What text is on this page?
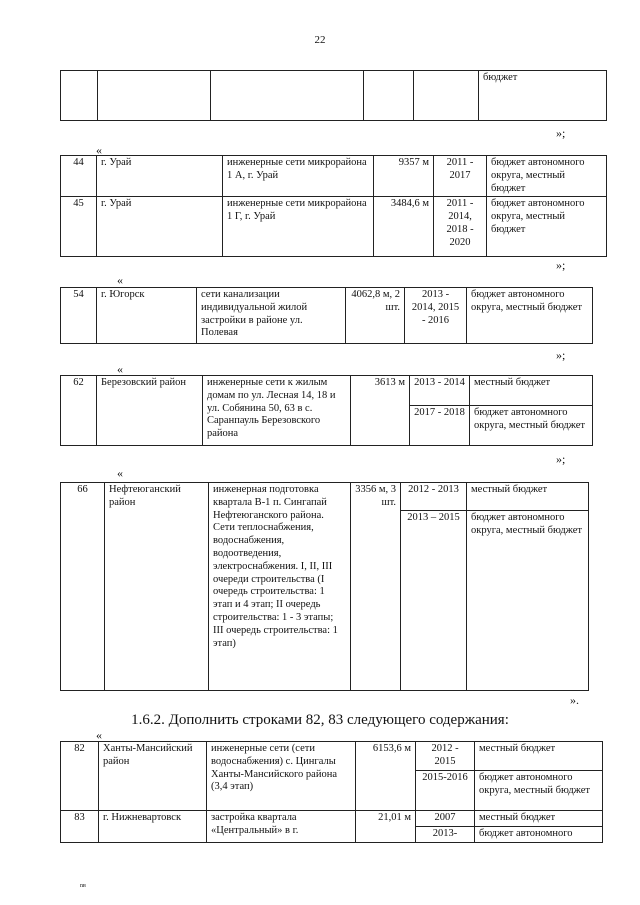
22
					бюджет
»;
«
44	г. Урай	инженерные сети микрорайона 1 А, г. Урай	9357 м	2011 - 2017	бюджет автономного округа, местный бюджет
45	г. Урай	инженерные сети микрорайона 1 Г, г. Урай	3484,6 м	2011 - 2014, 2018 - 2020	бюджет автономного округа, местный бюджет
»;
«
54	г. Югорск	сети канализации индивидуальной жилой застройки в районе ул. Полевая	4062,8 м, 2 шт.	2013 - 2014, 2015 - 2016	бюджет автономного округа, местный бюджет
»;
«
62	Березовский район	инженерные сети к жилым домам по ул. Лесная 14, 18 и ул. Собянина 50, 63 в с. Саранпауль Березовского района	3613 м	2013 - 2014	местный бюджет
				2017 - 2018	бюджет автономного округа, местный бюджет
»;
«
66	Нефтеюганский район	инженерная подготовка квартала В-1 п. Сингапай Нефтеюганского района. Сети теплоснабжения, водоснабжения, водоотведения, электроснабжения. I, II, III очереди строительства (I очередь строительства: 1 этап и 4 этап; II очередь строительства: 1 - 3 этапы; III очередь строительства: 1 этап)	3356 м, 3 шт.	2012 - 2013	местный бюджет
				2013 – 2015	бюджет автономного округа, местный бюджет
».
1.6.2. Дополнить строками 82, 83 следующего содержания:
«
82	Ханты-Мансийский район	инженерные сети (сети водоснабжения) с. Цингалы Ханты-Мансийского района (3,4 этап)	6153,6 м	2012 - 2015	местный бюджет
				2015-2016	бюджет автономного округа, местный бюджет
83	г. Нижневартовск	застройка квартала «Центральный» в г.	21,01 м	2007	местный бюджет
				2013-	бюджет автономного
nв
